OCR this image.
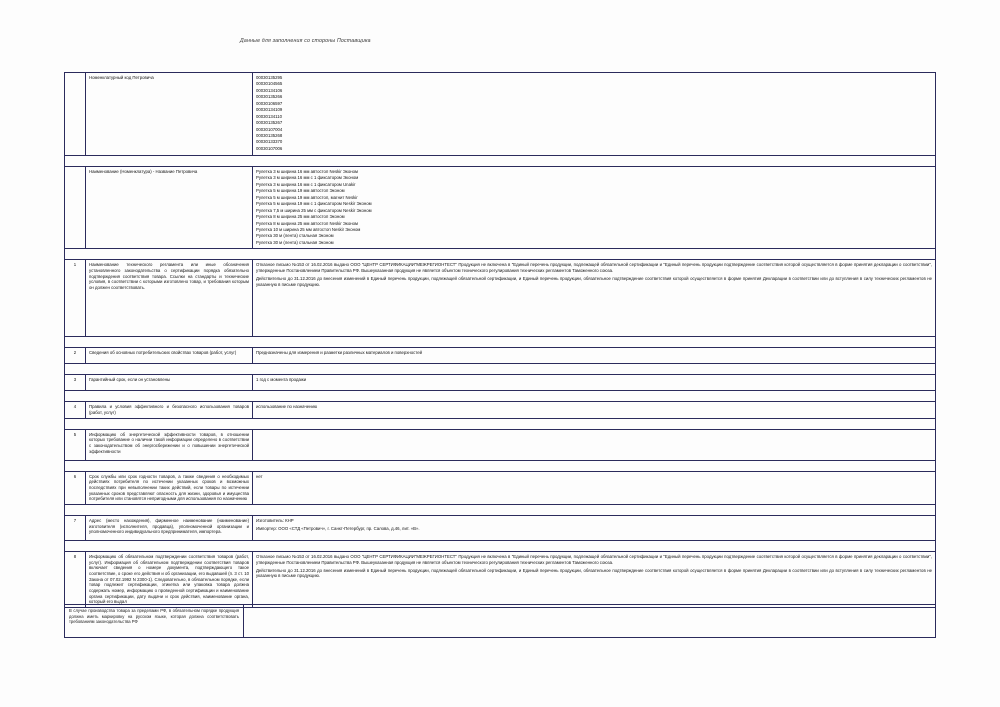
Данные для заполнения со стороны Поставщика
	Номенклатурный код Петровича	00030135295
00030104565
00030134106
00030135266
00030106597
00030134109
00030134110
00030135267
00030107004
00030135268
00030133370
00030107006

	Наименование (Номенклатура) - Название Петровича	Рулетка 3 м ширина 16 мм автостоп Neskir Эконом
Рулетка 3 м ширина 16 мм с 1 фиксатором Эконом
Рулетка 3 м ширина 16 мм с 1 фиксатором Unakir
Рулетка 5 м ширина 19 мм автостоп Эконом
Рулетка 5 м ширина 19 мм автостоп, магнит Neskir
Рулетка 5 м ширина 19 мм с 1 фиксатором Neskir Эконом
Рулетка 7,5 м ширина 25 мм с фиксатором Neskir Эконом
Рулетка 8 м ширина 25 мм автостоп Эконом
Рулетка 8 м ширина 25 мм автостоп Neskir Эконом
Рулетка 10 м ширина 25 мм автостоп Neskir Эконом
Рулетка 30 м (лента) стальная Эконом
Рулетка 30 м (лента) стальная Эконом

1	Наименование технического регламента или иные обозначения установленного законодательства о сертификации порядка обязательно подтверждения соответствия товара. Ссылки на стандарты и технические условия, в соответствии с которыми изготовлено товар, и требования которым он должен соответствовать.	
Отказное письмо №153 от 16.02.2016 выдано ООО "ЦЕНТР СЕРТИФИКАЦИИ"МЕЖРЕГИОНТЕСТ" Продукция не включена в "Единый перечень продукции, подлежащей обязательной сертификации и "Единый перечень продукции подтверждение соответствия которой осуществляется в форме принятия декларации о соответствии", утвержденные Постановлением Правительства РФ. Вышеуказанная продукция не является объектом технического регулирования технических регламентов Таможенного союза.
Действительно до 31.12.2016 до внесения изменений в Единый перечень продукции, подлежащей обязательной сертификации, и Единый перечень продукции, обязательное подтверждение соответствия которой осуществляется в форме принятия Декларации в соответствии или до вступления в силу технических регламентов не указанную в письме продукцию.

2	Сведения об основных потребительских свойствах товаров (работ, услуг)	Предназначены для измерения и разметки различных материалов и поверхностей

3	Гарантийный срок, если он установлены	1 год с момента продажи

4	Правила и условия эффективного и безопасного использования товаров (работ, услуг)	использование по назначению

5	Информацию об энергетической эффективности товаров, в отношении которых требование о наличии такой информации определено в соответствии с законодательством об энергосбережении и о повышении энергетической эффективности	

6	Срок службы или срок годности товаров, а также сведения о необходимых действиях потребителя по истечении указанных сроков и возможных последствиях при невыполнении таких действий, если товары по истечении указанных сроков представляют опасность для жизни, здоровья и имущества потребителя или становятся непригодными для использования по назначению	нет

7	Адрес (место нахождения), фирменное наименование (наименование) изготовителя (исполнителя, продавца), уполномоченной организации и уполномоченного индивидуального предпринимателя, импортера.	Изготовитель: КНР
Импортер: ООО «СТД «Петрович», г. Санкт-Петербург, пр. Салова, д.46, лит. «В».

8	Информацию об обязательном подтверждении соответствия товаров (работ, услуг). Информация об обязательном подтверждении соответствия товаров включает сведения о номере документа, подтверждающего такое соответствие, о сроке его действия и об организации, его выдавшей (п. 3 ст. 10 Закона от 07.02.1992 N 2300-1). Следовательно, в обязательном порядке, если товар подлежит сертификации, этикетка или упаковка товара должна содержать номер, информацию о проведенной сертификации и наименование органа сертификации, дату выдачи и срок действия, наименование органа, который его выдал	
Отказное письмо №153 от 16.02.2016 выдано ООО "ЦЕНТР СЕРТИФИКАЦИИ"МЕЖРЕГИОНТЕСТ" Продукция не включена в "Единый перечень продукции, подлежащей обязательной сертификации и "Единый перечень продукции подтверждение соответствия которой осуществляется в форме принятия декларации о соответствии", утвержденные Постановлением Правительства РФ. Вышеуказанная продукция не является объектом технического регулирования технических регламентов Таможенного союза.
Действительно до 31.12.2016 до внесения изменений в Единый перечень продукции, подлежащей обязательной сертификации, и Единый перечень продукции, обязательное подтверждение соответствия которой осуществляется в форме принятия Декларации в соответствии или до вступления в силу технических регламентов не указанную в письме продукцию.
В случае производства товара за пределами РФ, в обязательном порядке продукция должна иметь маркировку на русском языке, которая должна соответствовать требованиям законодательства РФ
